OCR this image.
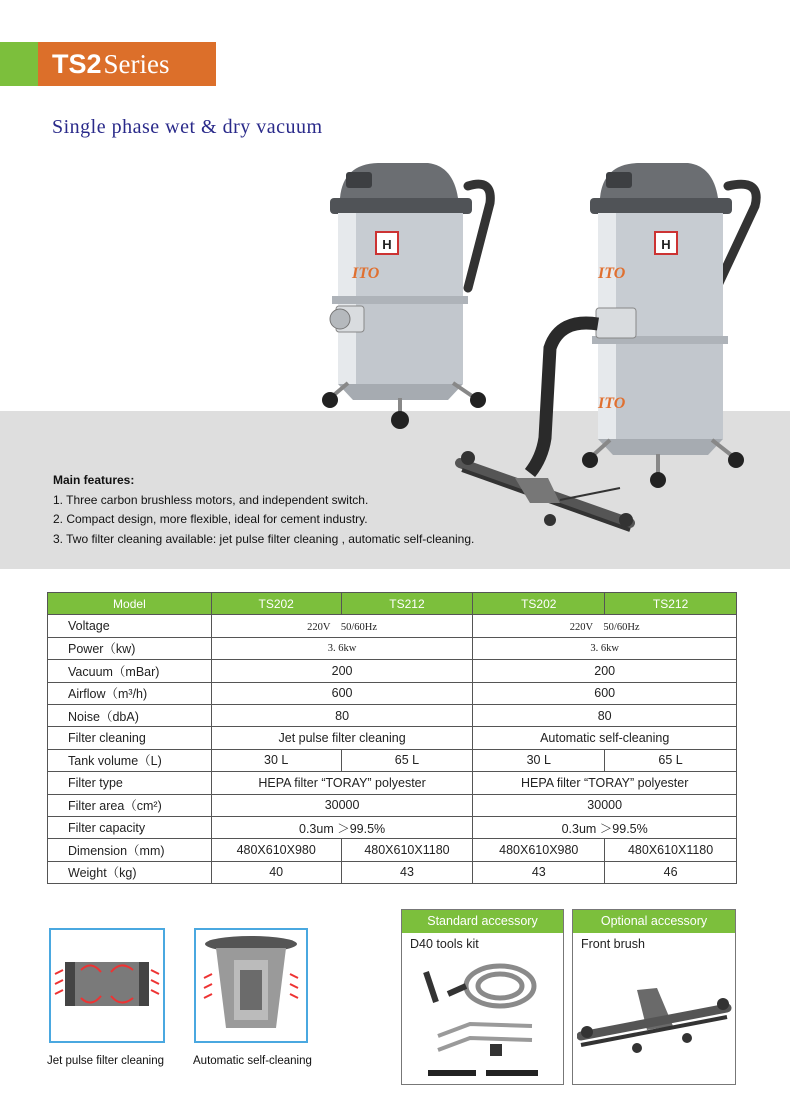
TS2 Series
Single phase wet & dry vacuum
H
ITO
H
ITO
ITO
Main features:
1. Three carbon brushless motors, and independent switch.
2. Compact design, more flexible, ideal for cement industry.
3. Two filter cleaning available: jet pulse filter cleaning , automatic self-cleaning.
Model	TS202	TS212	TS202	TS212
Voltage	220V　50/60Hz		220V　50/60Hz	
Power（kw)	3. 6kw		3. 6kw	
Vacuum（mBar)	200		200	
Airflow（m³/h)	600		600	
Noise（dbA)	80		80	
Filter cleaning	Jet pulse filter cleaning		Automatic self-cleaning	
Tank volume（L)	30 L	65 L	30 L	65 L
Filter type	HEPA filter “TORAY” polyester		HEPA filter “TORAY” polyester	
Filter area（cm²)	30000		30000	
Filter capacity	0.3um ＞99.5%		0.3um ＞99.5%	
Dimension（mm)	480X610X980	480X610X1180	480X610X980	480X610X1180
Weight（kg)	40	43	43	46
Jet pulse filter cleaning	Automatic self-cleaning
Standard accessory
D40 tools kit
Optional accessory
Front brush
